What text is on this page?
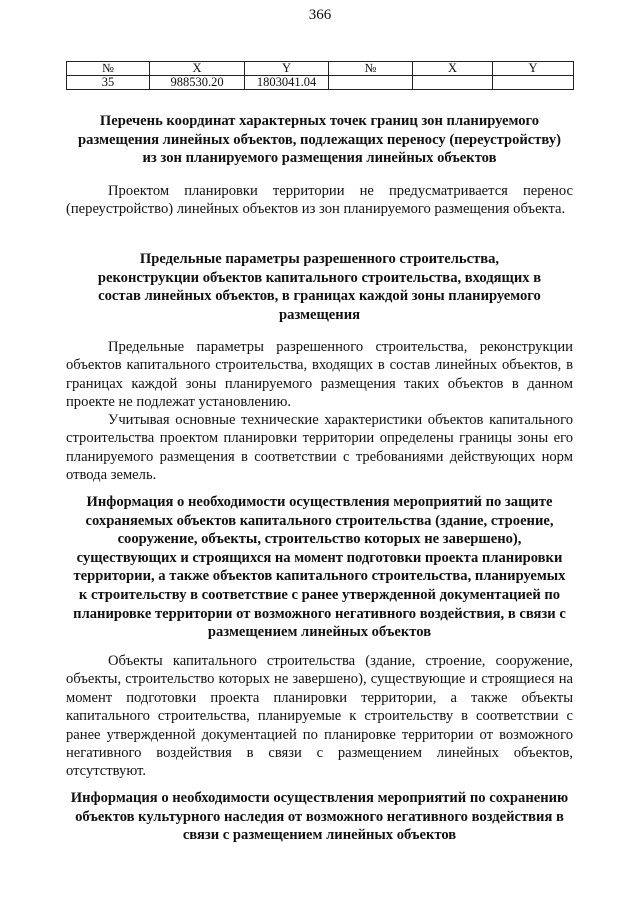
366
№	X	Y	№	X	Y
35	988530.20	1803041.04			
Перечень координат характерных точек границ зон планируемого размещения линейных объектов, подлежащих переносу (переустройству) из зон планируемого размещения линейных объектов
Проектом планировки территории не предусматривается перенос (переустройство) линейных объектов из зон планируемого размещения объекта.
Предельные параметры разрешенного строительства, реконструкции объектов капитального строительства, входящих в состав линейных объектов, в границах каждой зоны планируемого размещения
Предельные параметры разрешенного строительства, реконструкции объектов капитального строительства, входящих в состав линейных объектов, в границах каждой зоны планируемого размещения таких объектов в данном проекте не подлежат установлению.
Учитывая основные технические характеристики объектов капитального строительства проектом планировки территории определены границы зоны его планируемого размещения в соответствии с требованиями действующих норм отвода земель.
Информация о необходимости осуществления мероприятий по защите сохраняемых объектов капитального строительства (здание, строение, сооружение, объекты, строительство которых не завершено), существующих и строящихся на момент подготовки проекта планировки территории, а также объектов капитального строительства, планируемых к строительству в соответствие с ранее утвержденной документацией по планировке территории от возможного негативного воздействия, в связи с размещением линейных объектов
Объекты капитального строительства (здание, строение, сооружение, объекты, строительство которых не завершено), существующие и строящиеся на момент подготовки проекта планировки территории, а также объекты капитального строительства, планируемые к строительству в соответствии с ранее утвержденной документацией по планировке территории от возможного негативного воздействия в связи с размещением линейных объектов, отсутствуют.
Информация о необходимости осуществления мероприятий по сохранению объектов культурного наследия от возможного негативного воздействия в связи с размещением линейных объектов
